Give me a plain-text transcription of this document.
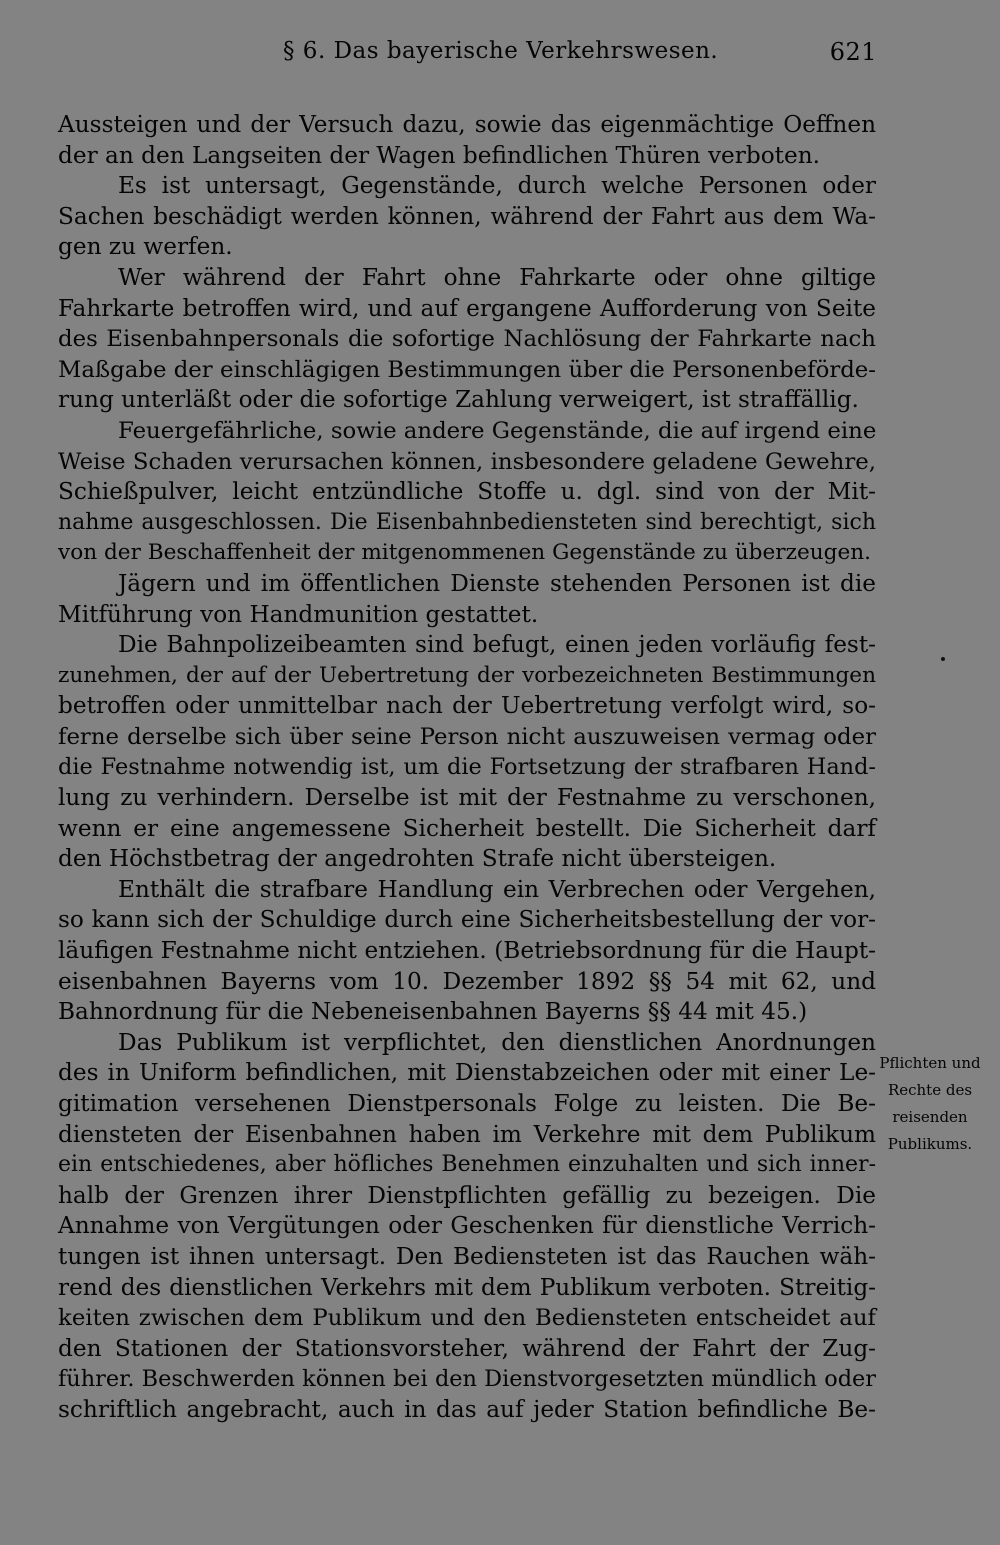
§ 6. Das bayerische Verkehrswesen.	621
Aussteigen und der Versuch dazu, sowie das eigenmächtige Oeffnen
der an den Langseiten der Wagen befindlichen Thüren verboten.
Es ist untersagt, Gegenstände, durch welche Personen oder
Sachen beschädigt werden können, während der Fahrt aus dem Wa-
gen zu werfen.
Wer während der Fahrt ohne Fahrkarte oder ohne giltige
Fahrkarte betroffen wird, und auf ergangene Aufforderung von Seite
des Eisenbahnpersonals die sofortige Nachlösung der Fahrkarte nach
Maßgabe der einschlägigen Bestimmungen über die Personenbeförde-
rung unterläßt oder die sofortige Zahlung verweigert, ist straffällig.
Feuergefährliche, sowie andere Gegenstände, die auf irgend eine
Weise Schaden verursachen können, insbesondere geladene Gewehre,
Schießpulver, leicht entzündliche Stoffe u. dgl. sind von der Mit-
nahme ausgeschlossen. Die Eisenbahnbediensteten sind berechtigt, sich
von der Beschaffenheit der mitgenommenen Gegenstände zu überzeugen.
Jägern und im öffentlichen Dienste stehenden Personen ist die
Mitführung von Handmunition gestattet.
Die Bahnpolizeibeamten sind befugt, einen jeden vorläufig fest-
zunehmen, der auf der Uebertretung der vorbezeichneten Bestimmungen
betroffen oder unmittelbar nach der Uebertretung verfolgt wird, so-
ferne derselbe sich über seine Person nicht auszuweisen vermag oder
die Festnahme notwendig ist, um die Fortsetzung der strafbaren Hand-
lung zu verhindern. Derselbe ist mit der Festnahme zu verschonen,
wenn er eine angemessene Sicherheit bestellt. Die Sicherheit darf
den Höchstbetrag der angedrohten Strafe nicht übersteigen.
Enthält die strafbare Handlung ein Verbrechen oder Vergehen,
so kann sich der Schuldige durch eine Sicherheitsbestellung der vor-
läufigen Festnahme nicht entziehen. (Betriebsordnung für die Haupt-
eisenbahnen Bayerns vom 10. Dezember 1892 §§ 54 mit 62, und
Bahnordnung für die Nebeneisenbahnen Bayerns §§ 44 mit 45.)
Das Publikum ist verpflichtet, den dienstlichen Anordnungen
des in Uniform befindlichen, mit Dienstabzeichen oder mit einer Le-
gitimation versehenen Dienstpersonals Folge zu leisten. Die Be-
diensteten der Eisenbahnen haben im Verkehre mit dem Publikum
ein entschiedenes, aber höfliches Benehmen einzuhalten und sich inner-
halb der Grenzen ihrer Dienstpflichten gefällig zu bezeigen. Die
Annahme von Vergütungen oder Geschenken für dienstliche Verrich-
tungen ist ihnen untersagt. Den Bediensteten ist das Rauchen wäh-
rend des dienstlichen Verkehrs mit dem Publikum verboten. Streitig-
keiten zwischen dem Publikum und den Bediensteten entscheidet auf
den Stationen der Stationsvorsteher, während der Fahrt der Zug-
führer. Beschwerden können bei den Dienstvorgesetzten mündlich oder
schriftlich angebracht, auch in das auf jeder Station befindliche Be-
Pflichten und
Rechte des
reisenden
Publikums.
